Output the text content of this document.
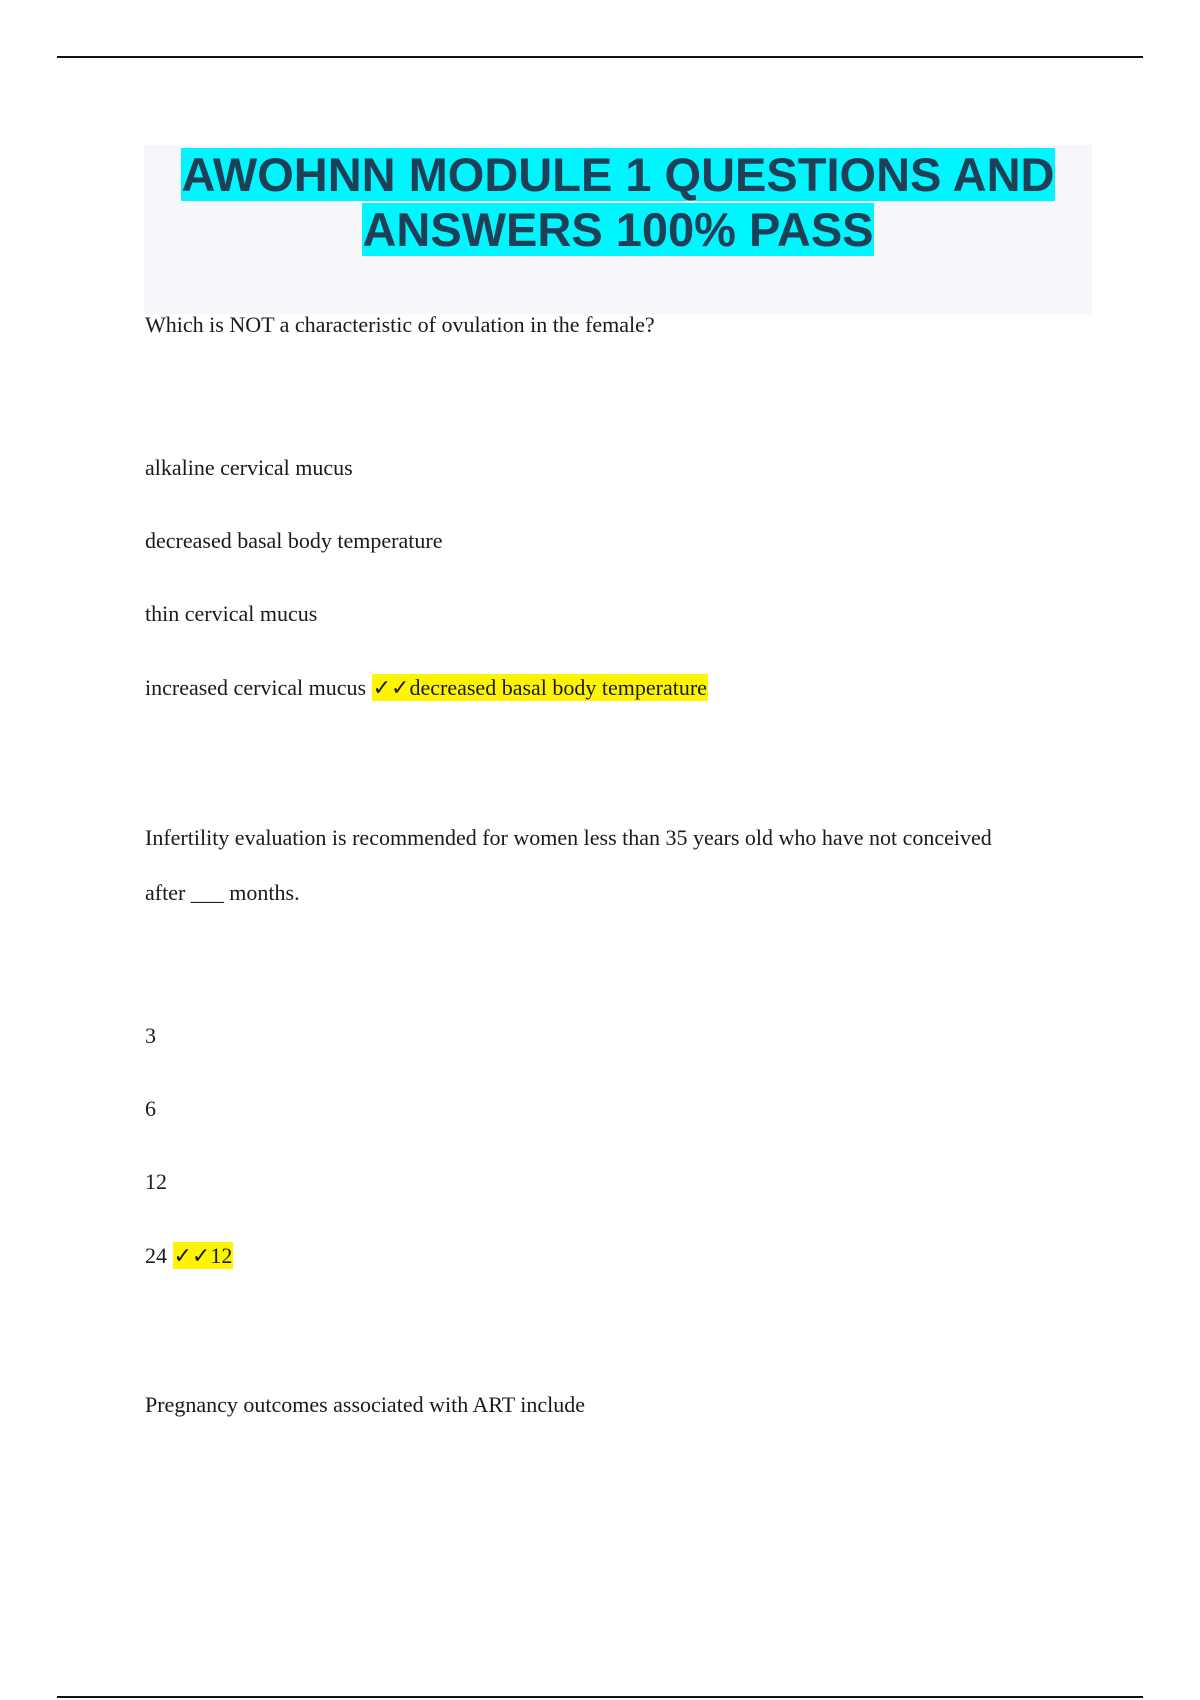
AWOHNN MODULE 1 QUESTIONS AND ANSWERS 100% PASS

Which is NOT a characteristic of ovulation in the female?

alkaline cervical mucus

decreased basal body temperature

thin cervical mucus

increased cervical mucus ✓✓decreased basal body temperature

Infertility evaluation is recommended for women less than 35 years old who have not conceived

after ___ months.

3

6

12

24 ✓✓12

Pregnancy outcomes associated with ART include
